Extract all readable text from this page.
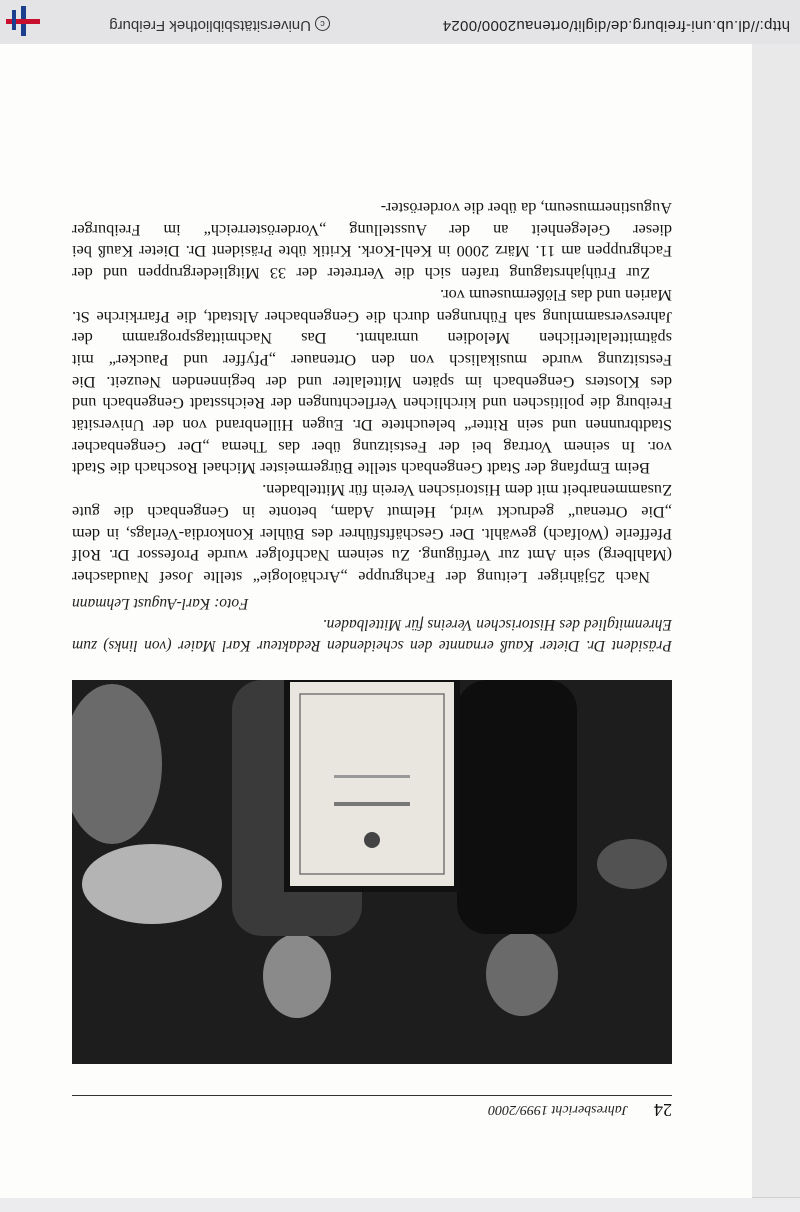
24
Jahresbericht 1999/2000
Präsident Dr. Dieter Kauß ernannte den scheidenden Redakteur Karl Maier (von links) zum Ehrenmitglied des Historischen Vereins für Mittelbaden.
Foto: Karl-August Lehmann

Nach 25jähriger Leitung der Fachgruppe „Archäologie“ stellte Josef Naudascher (Mahlberg) sein Amt zur Verfügung. Zu seinem Nachfolger wurde Professor Dr. Rolf Pfefferle (Wolfach) gewählt. Der Geschäftsführer des Bühler Konkordia-Verlags, in dem „Die Ortenau“ gedruckt wird, Helmut Adam, betonte in Gengenbach die gute Zusammenarbeit mit dem Historischen Verein für Mittelbaden.

Beim Empfang der Stadt Gengenbach stellte Bürgermeister Michael Roschach die Stadt vor. In seinem Vortrag bei der Festsitzung über das Thema „Der Gengenbacher Stadtbrunnen und sein Ritter“ beleuchtete Dr. Eugen Hillenbrand von der Universität Freiburg die politischen und kirchlichen Verflechtungen der Reichsstadt Gengenbach und des Klosters Gengenbach im späten Mittelalter und der beginnenden Neuzeit. Die Festsitzung wurde musikalisch von den Ortenauer „Pfyffer und Paucker“ mit spätmittelalterlichen Melodien umrahmt. Das Nachmittagsprogramm der Jahresversammlung sah Führungen durch die Gengenbacher Altstadt, die Pfarrkirche St. Marien und das Flößermuseum vor.

Zur Frühjahrstagung trafen sich die Vertreter der 33 Mitgliedergruppen und der Fachgruppen am 11. März 2000 in Kehl-Kork. Kritik übte Präsident Dr. Dieter Kauß bei dieser Gelegenheit an der Ausstellung „Vorderösterreich“ im Freiburger Augustinermuseum, da über die vorderöster-

http://dl.ub.uni-freiburg.de/diglit/ortenau2000/0024
cUniversitätsbibliothek Freiburg
